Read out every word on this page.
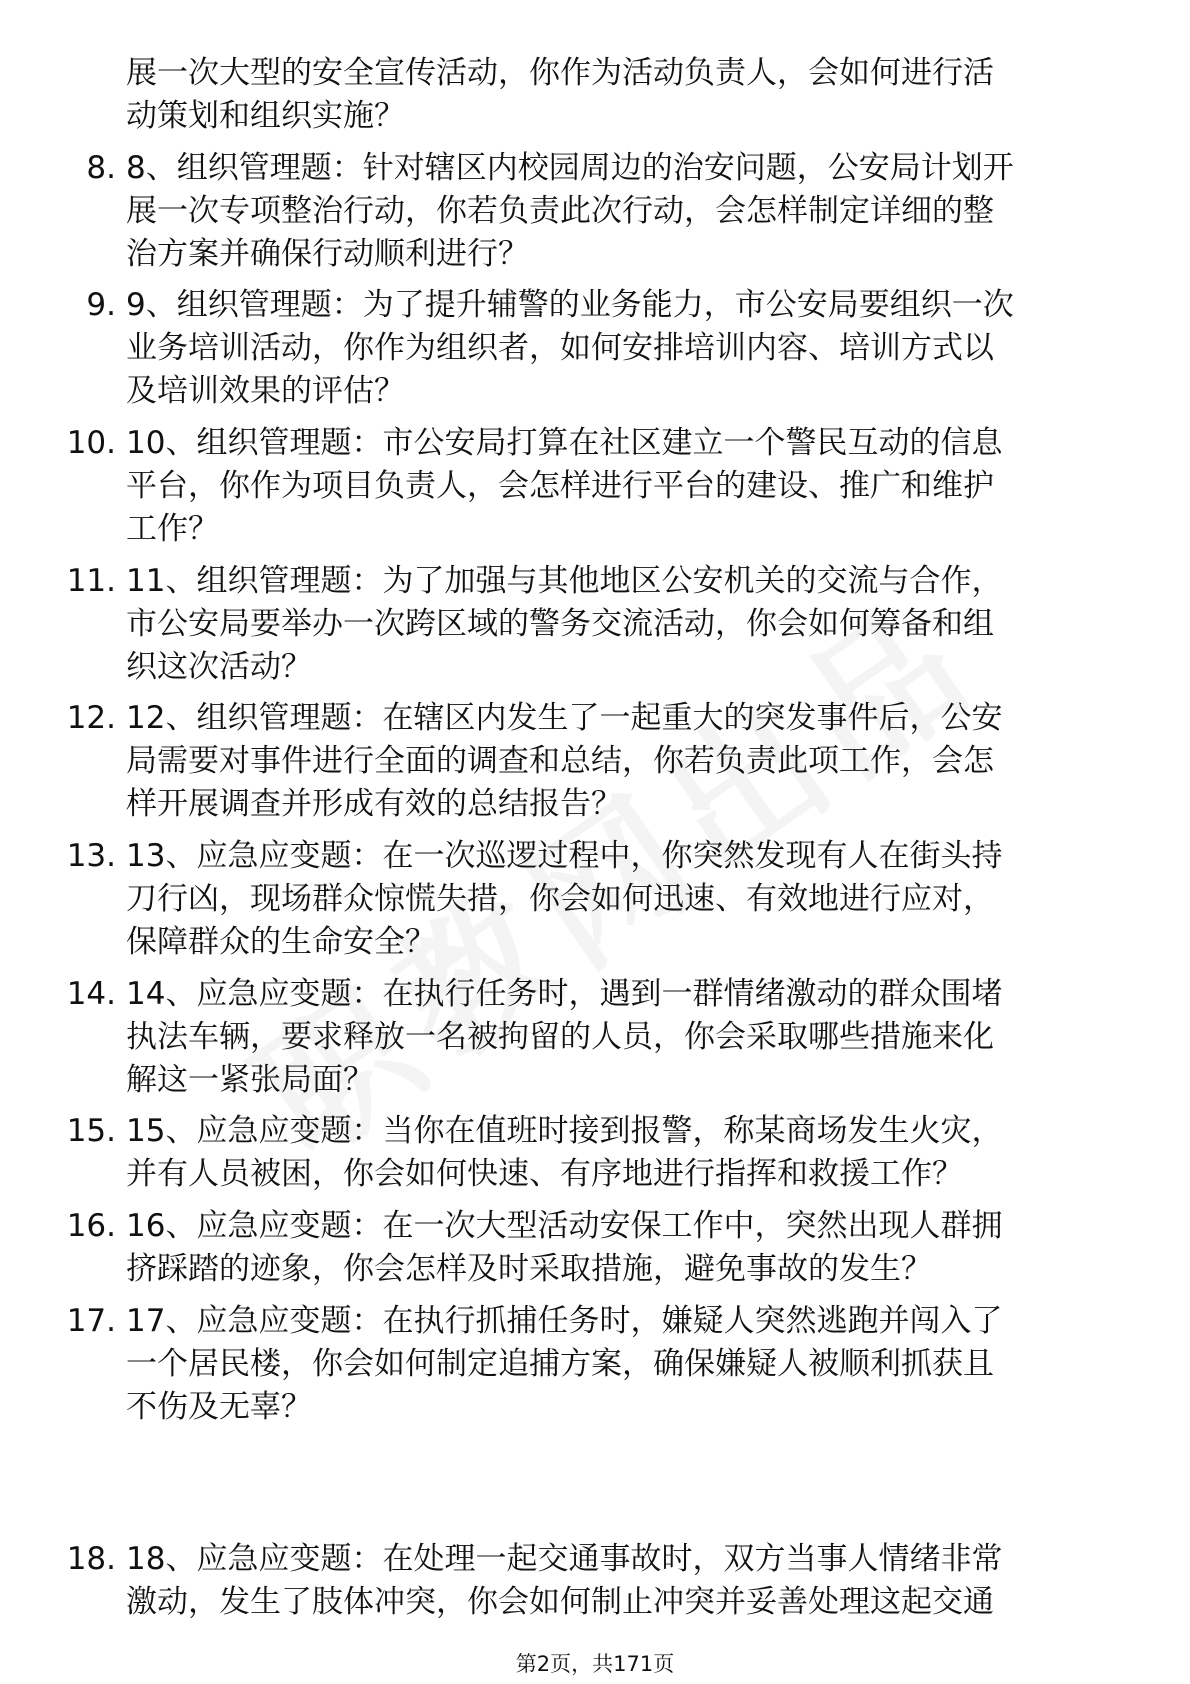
展一次大型的安全宣传活动，你作为活动负责人，会如何进行活
动策划和组织实施？
8. 8、组织管理题：针对辖区内校园周边的治安问题，公安局计划开
展一次专项整治行动，你若负责此次行动，会怎样制定详细的整
治方案并确保行动顺利进行？
9. 9、组织管理题：为了提升辅警的业务能力，市公安局要组织一次
业务培训活动，你作为组织者，如何安排培训内容、培训方式以
及培训效果的评估？
10. 10、组织管理题：市公安局打算在社区建立一个警民互动的信息
平台，你作为项目负责人，会怎样进行平台的建设、推广和维护
工作？
11. 11、组织管理题：为了加强与其他地区公安机关的交流与合作，
市公安局要举办一次跨区域的警务交流活动，你会如何筹备和组
织这次活动？
12. 12、组织管理题：在辖区内发生了一起重大的突发事件后，公安
局需要对事件进行全面的调查和总结，你若负责此项工作，会怎
样开展调查并形成有效的总结报告？
13. 13、应急应变题：在一次巡逻过程中，你突然发现有人在街头持
刀行凶，现场群众惊慌失措，你会如何迅速、有效地进行应对，
保障群众的生命安全？
14. 14、应急应变题：在执行任务时，遇到一群情绪激动的群众围堵
执法车辆，要求释放一名被拘留的人员，你会采取哪些措施来化
解这一紧张局面？
15. 15、应急应变题：当你在值班时接到报警，称某商场发生火灾，
并有人员被困，你会如何快速、有序地进行指挥和救援工作？
16. 16、应急应变题：在一次大型活动安保工作中，突然出现人群拥
挤踩踏的迹象，你会怎样及时采取措施，避免事故的发生？
17. 17、应急应变题：在执行抓捕任务时，嫌疑人突然逃跑并闯入了
一个居民楼，你会如何制定追捕方案，确保嫌疑人被顺利抓获且
不伤及无辜？
18. 18、应急应变题：在处理一起交通事故时，双方当事人情绪非常
激动，发生了肢体冲突，你会如何制止冲突并妥善处理这起交通
第2页，共171页
